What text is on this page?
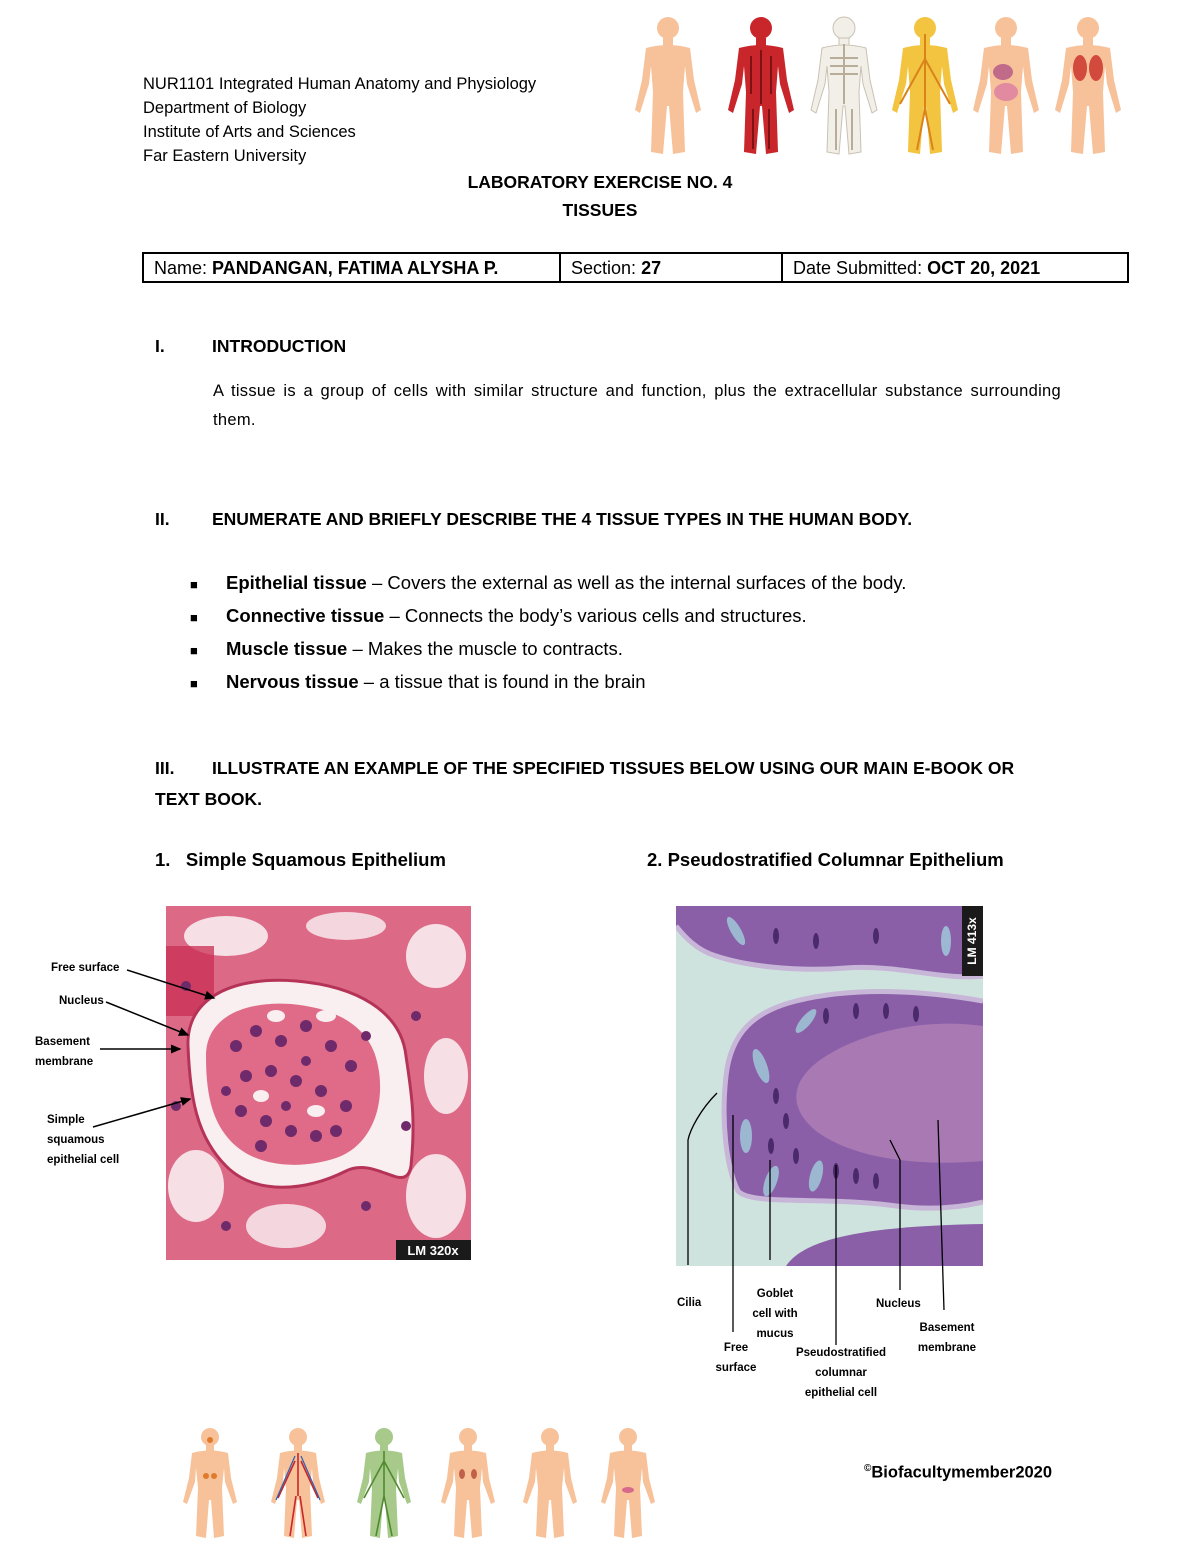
NUR1101 Integrated Human Anatomy and Physiology
Department of Biology
Institute of Arts and Sciences
Far Eastern University
LABORATORY EXERCISE NO. 4
TISSUES
Name: PANDANGAN, FATIMA ALYSHA P.	Section: 27	Date Submitted: OCT 20, 2021
I.	INTRODUCTION
A tissue is a group of cells with similar structure and function, plus the extracellular substance surrounding them.
II. ENUMERATE AND BRIEFLY DESCRIBE THE 4 TISSUE TYPES IN THE HUMAN BODY.
■	Epithelial tissue – Covers the external as well as the internal surfaces of the body.
■	Connective tissue – Connects the body’s various cells and structures.
■	Muscle tissue – Makes the muscle to contracts.
■	Nervous tissue – a tissue that is found in the brain
III. ILLUSTRATE AN EXAMPLE OF THE SPECIFIED TISSUES BELOW USING OUR MAIN E-BOOK OR
TEXT BOOK.
1.   Simple Squamous Epithelium	2. Pseudostratified Columnar Epithelium
LM 320x
Free surface
Nucleus
Basement
membrane
Simple
squamous
epithelial cell
LM 413x
Cilia
Goblet
cell with
mucus
Free
surface
Pseudostratified
columnar
epithelial cell
Nucleus
Basement
membrane
©Biofacultymember2020
